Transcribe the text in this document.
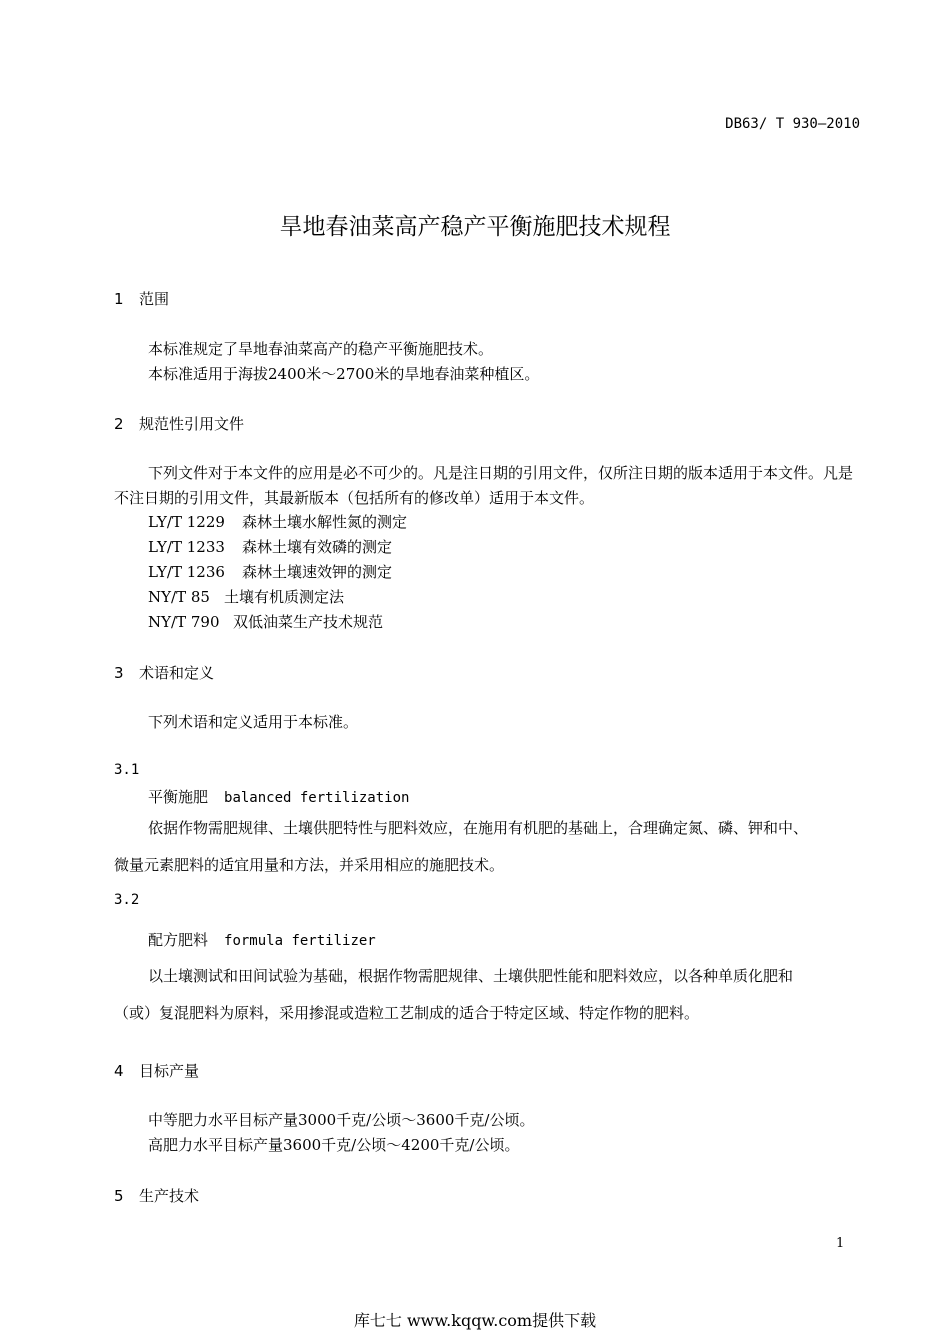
DB63/ T 930—2010
旱地春油菜高产稳产平衡施肥技术规程
1 范围
本标准规定了旱地春油菜高产的稳产平衡施肥技术。
本标准适用于海拔2400米～2700米的旱地春油菜种植区。
2 规范性引用文件
下列文件对于本文件的应用是必不可少的。凡是注日期的引用文件，仅所注日期的版本适用于本文件。凡是不注日期的引用文件，其最新版本（包括所有的修改单）适用于本文件。
LY/T 1229 森林土壤水解性氮的测定
LY/T 1233 森林土壤有效磷的测定
LY/T 1236 森林土壤速效钾的测定
NY/T 85 土壤有机质测定法
NY/T 790 双低油菜生产技术规范
3 术语和定义
下列术语和定义适用于本标准。
3.1
平衡施肥 balanced fertilization
依据作物需肥规律、土壤供肥特性与肥料效应，在施用有机肥的基础上，合理确定氮、磷、钾和中、
微量元素肥料的适宜用量和方法，并采用相应的施肥技术。
3.2
配方肥料 formula fertilizer
以土壤测试和田间试验为基础，根据作物需肥规律、土壤供肥性能和肥料效应，以各种单质化肥和
（或）复混肥料为原料，采用掺混或造粒工艺制成的适合于特定区域、特定作物的肥料。
4 目标产量
中等肥力水平目标产量3000千克/公顷～3600千克/公顷。
高肥力水平目标产量3600千克/公顷～4200千克/公顷。
5 生产技术
1
库七七 www.kqqw.com提供下载
